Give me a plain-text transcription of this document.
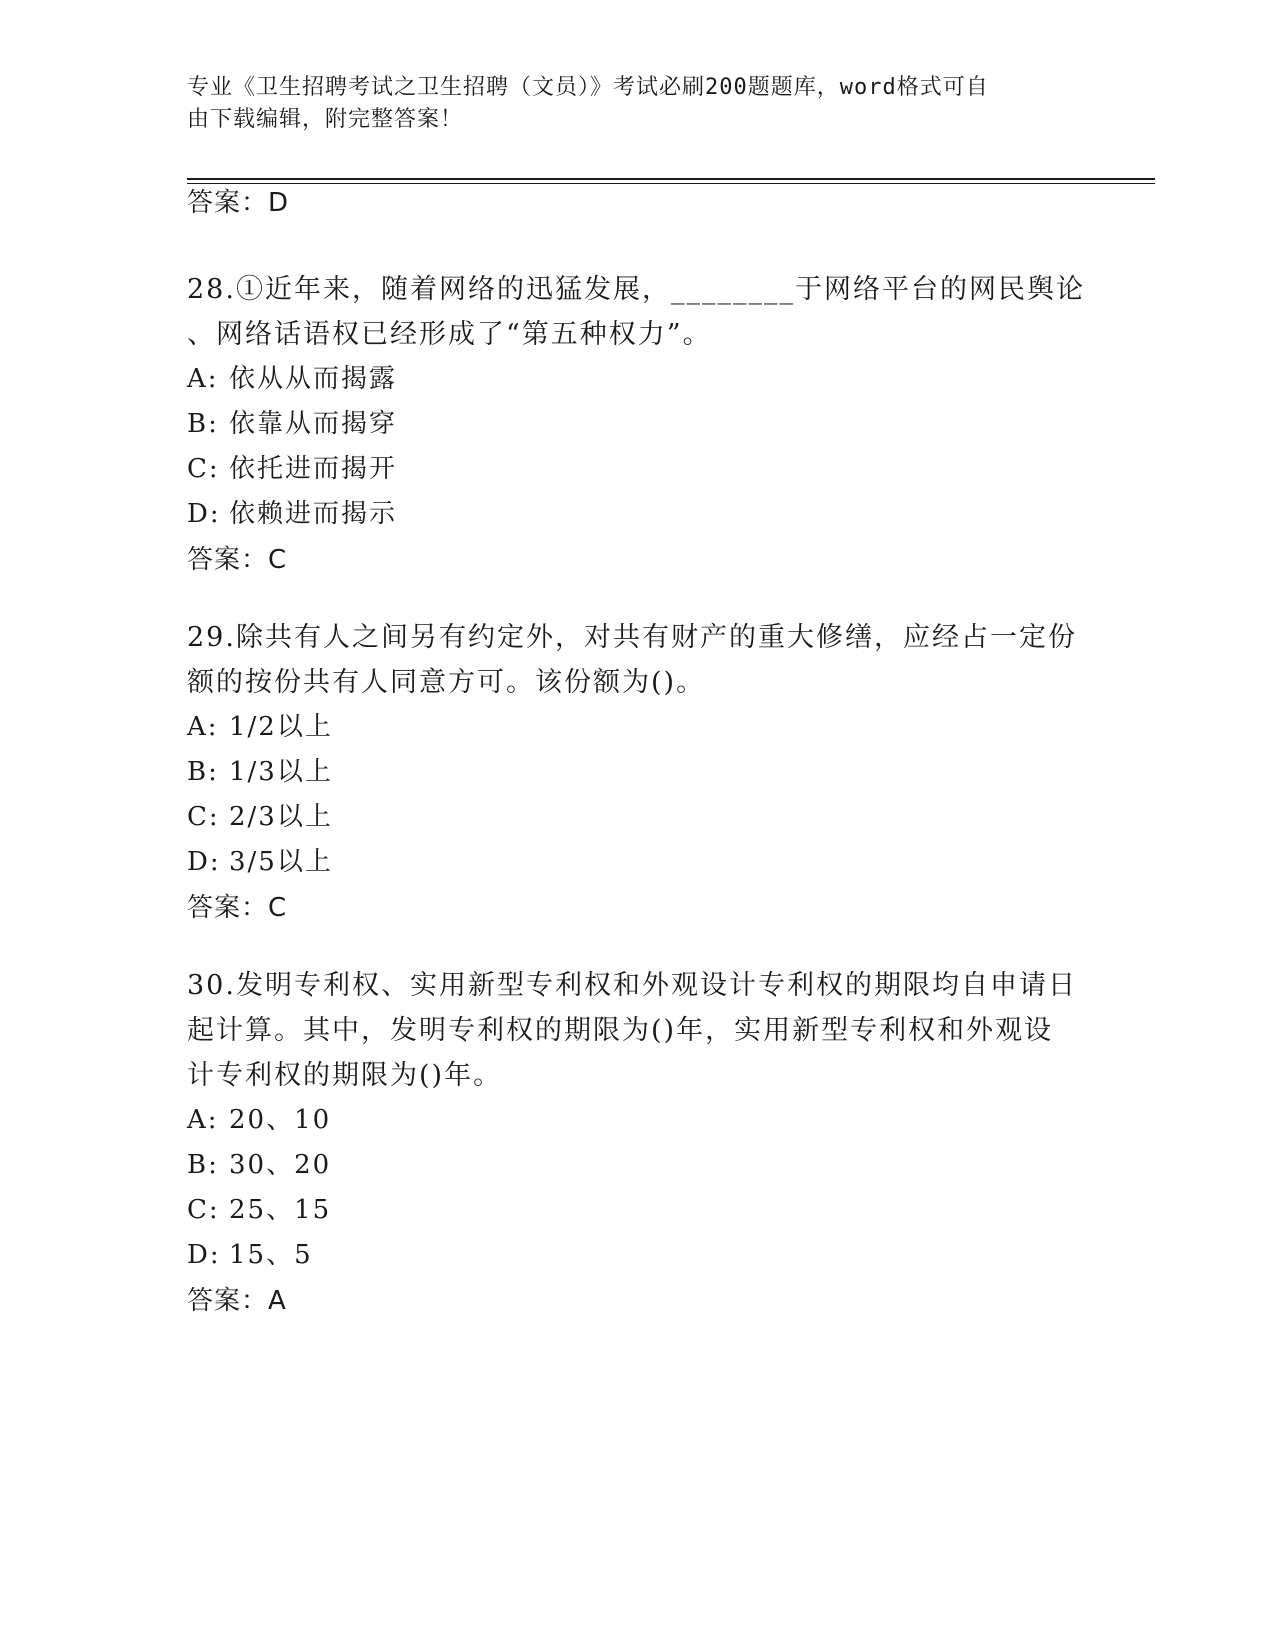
专业《卫生招聘考试之卫生招聘（文员）》考试必刷200题题库，word格式可自
由下载编辑，附完整答案！

答案：D

28.①近年来，随着网络的迅猛发展，________于网络平台的网民舆论

、网络话语权已经形成了“第五种权力”。

A: 依从从而揭露

B: 依靠从而揭穿

C: 依托进而揭开

D: 依赖进而揭示

答案：C

29.除共有人之间另有约定外，对共有财产的重大修缮，应经占一定份

额的按份共有人同意方可。该份额为()。

A: 1/2以上

B: 1/3以上

C: 2/3以上

D: 3/5以上

答案：C

30.发明专利权、实用新型专利权和外观设计专利权的期限均自申请日

起计算。其中，发明专利权的期限为()年，实用新型专利权和外观设

计专利权的期限为()年。

A: 20、10

B: 30、20

C: 25、15

D: 15、5

答案：A
